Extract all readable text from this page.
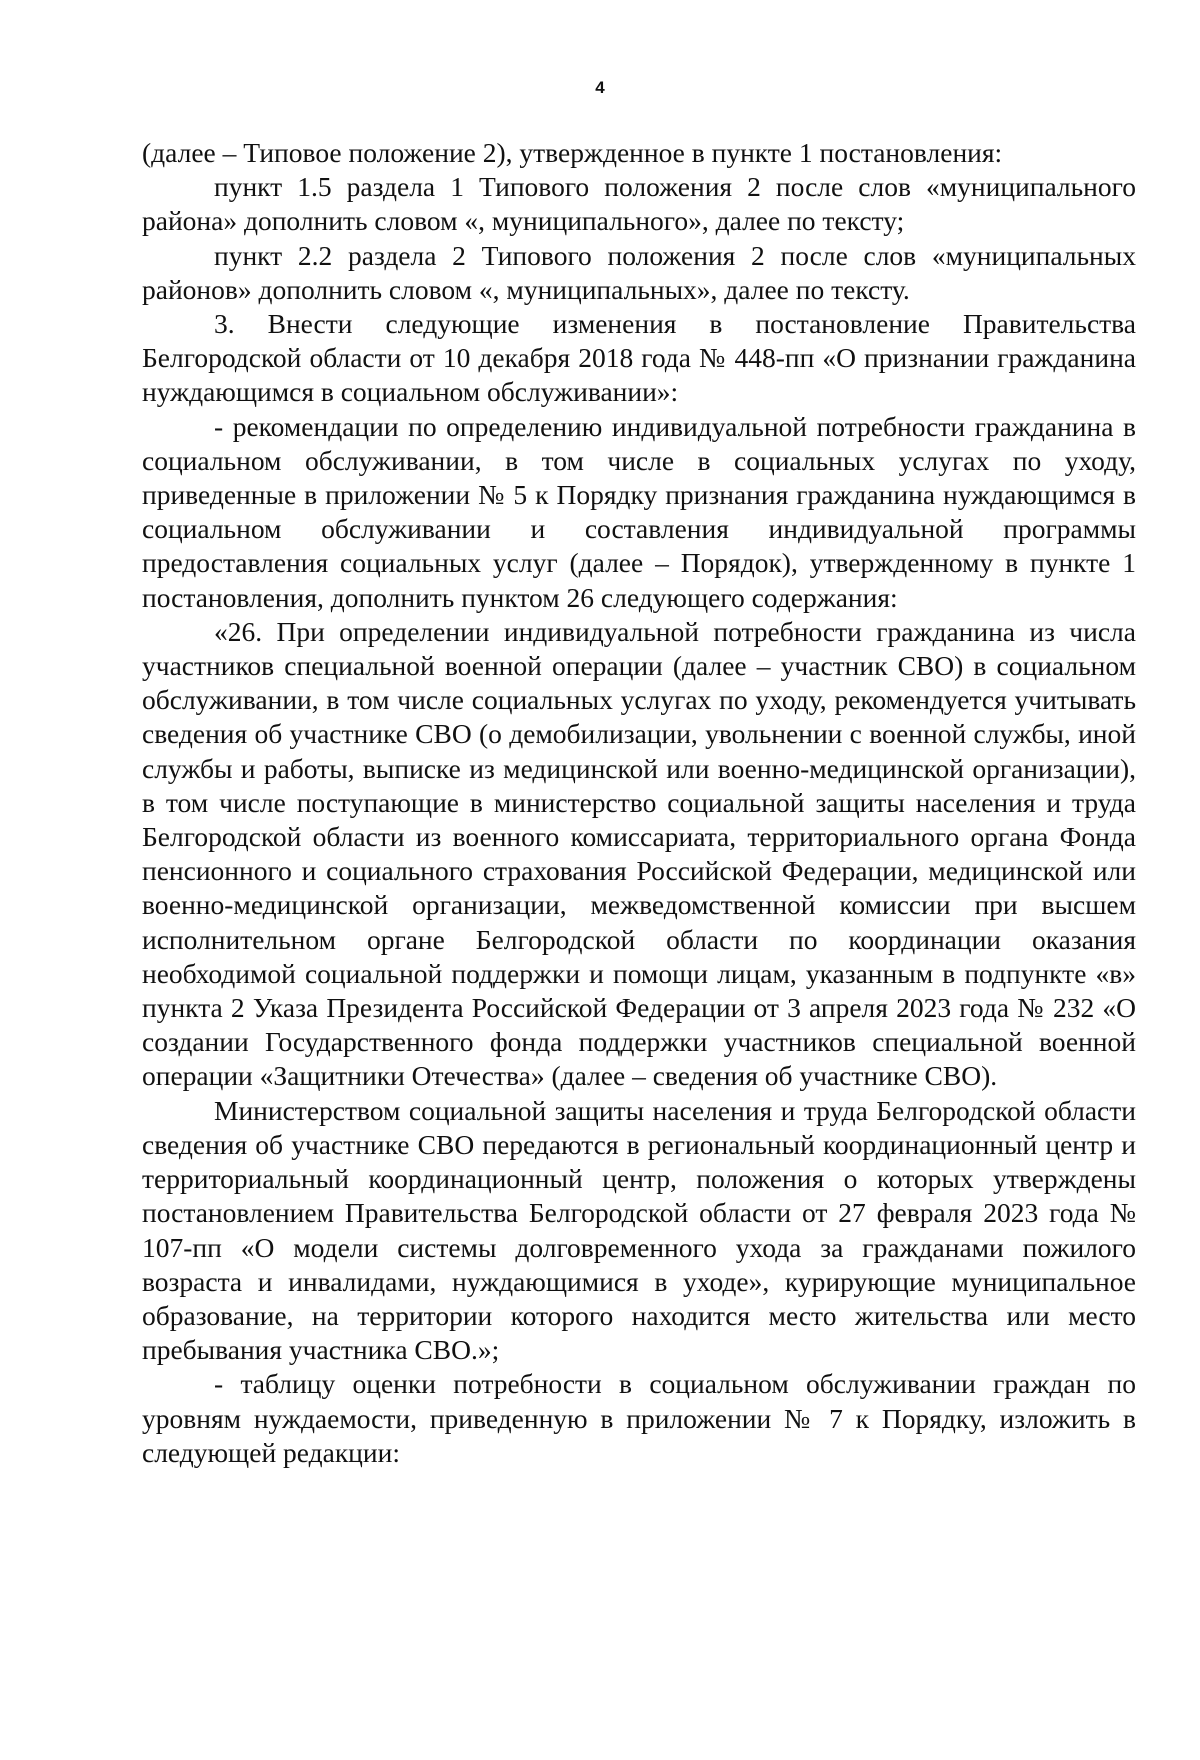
4

(далее – Типовое положение 2), утвержденное в пункте 1 постановления:

пункт 1.5 раздела 1 Типового положения 2 после слов «муниципального района» дополнить словом «, муниципального», далее по тексту;

пункт 2.2 раздела 2 Типового положения 2 после слов «муниципальных районов» дополнить словом «, муниципальных», далее по тексту.

3. Внести следующие изменения в постановление Правительства Белгородской области от 10 декабря 2018 года № 448-пп «О признании гражданина нуждающимся в социальном обслуживании»:

- рекомендации по определению индивидуальной потребности гражданина в социальном обслуживании, в том числе в социальных услугах по уходу, приведенные в приложении № 5 к Порядку признания гражданина нуждающимся в социальном обслуживании и составления индивидуальной программы предоставления социальных услуг (далее – Порядок), утвержденному в пункте 1 постановления, дополнить пунктом 26 следующего содержания:

«26. При определении индивидуальной потребности гражданина из числа участников специальной военной операции (далее – участник СВО) в социальном обслуживании, в том числе социальных услугах по уходу, рекомендуется учитывать сведения об участнике СВО (о демобилизации, увольнении с военной службы, иной службы и работы, выписке из медицинской или военно-медицинской организации), в том числе поступающие в министерство социальной защиты населения и труда Белгородской области из военного комиссариата, территориального органа Фонда пенсионного и социального страхования Российской Федерации, медицинской или военно-медицинской организации, межведомственной комиссии при высшем исполнительном органе Белгородской области по координации оказания необходимой социальной поддержки и помощи лицам, указанным в подпункте «в» пункта 2 Указа Президента Российской Федерации от 3 апреля 2023 года № 232 «О создании Государственного фонда поддержки участников специальной военной операции «Защитники Отечества» (далее – сведения об участнике СВО).

Министерством социальной защиты населения и труда Белгородской области сведения об участнике СВО передаются в региональный координационный центр и территориальный координационный центр, положения о которых утверждены постановлением Правительства Белгородской области от 27 февраля 2023 года № 107-пп «О модели системы долговременного ухода за гражданами пожилого возраста и инвалидами, нуждающимися в уходе», курирующие муниципальное образование, на территории которого находится место жительства или место пребывания участника СВО.»;

- таблицу оценки потребности в социальном обслуживании граждан по уровням нуждаемости, приведенную в приложении № 7 к Порядку, изложить в следующей редакции:
